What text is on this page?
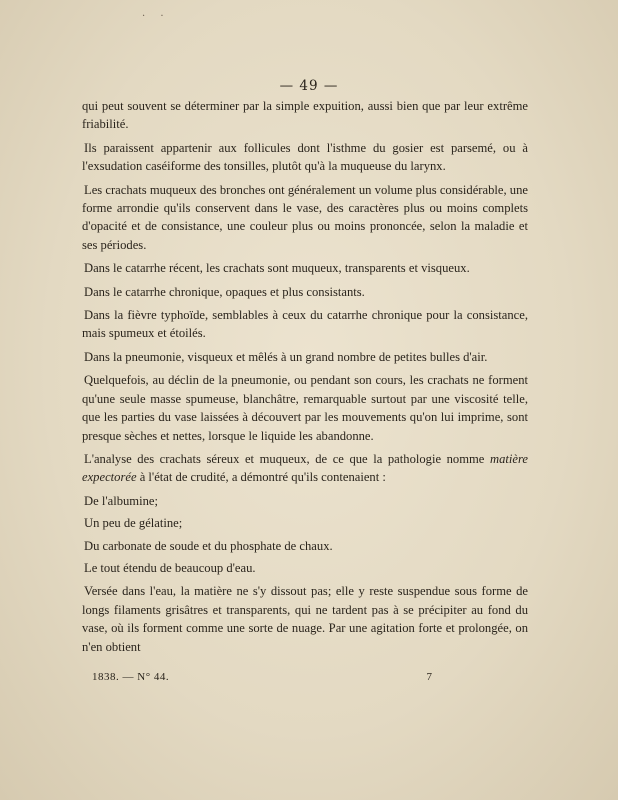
. .
— 49 —

qui peut souvent se déterminer par la simple expuition, aussi bien que par leur extrême friabilité.

Ils paraissent appartenir aux follicules dont l'isthme du gosier est parsemé, ou à l'exsudation caséiforme des tonsilles, plutôt qu'à la muqueuse du larynx.

Les crachats muqueux des bronches ont généralement un volume plus considérable, une forme arrondie qu'ils conservent dans le vase, des caractères plus ou moins complets d'opacité et de consistance, une couleur plus ou moins prononcée, selon la maladie et ses périodes.

Dans le catarrhe récent, les crachats sont muqueux, transparents et visqueux.

Dans le catarrhe chronique, opaques et plus consistants.

Dans la fièvre typhoïde, semblables à ceux du catarrhe chronique pour la consistance, mais spumeux et étoilés.

Dans la pneumonie, visqueux et mêlés à un grand nombre de petites bulles d'air.

Quelquefois, au déclin de la pneumonie, ou pendant son cours, les crachats ne forment qu'une seule masse spumeuse, blanchâtre, remarquable surtout par une viscosité telle, que les parties du vase laissées à découvert par les mouvements qu'on lui imprime, sont presque sèches et nettes, lorsque le liquide les abandonne.

L'analyse des crachats séreux et muqueux, de ce que la pathologie nomme matière expectorée à l'état de crudité, a démontré qu'ils contenaient :

De l'albumine;

Un peu de gélatine;

Du carbonate de soude et du phosphate de chaux.

Le tout étendu de beaucoup d'eau.

Versée dans l'eau, la matière ne s'y dissout pas; elle y reste suspendue sous forme de longs filaments grisâtres et transparents, qui ne tardent pas à se précipiter au fond du vase, où ils forment comme une sorte de nuage. Par une agitation forte et prolongée, on n'en obtient

1838. — N° 44.	7
